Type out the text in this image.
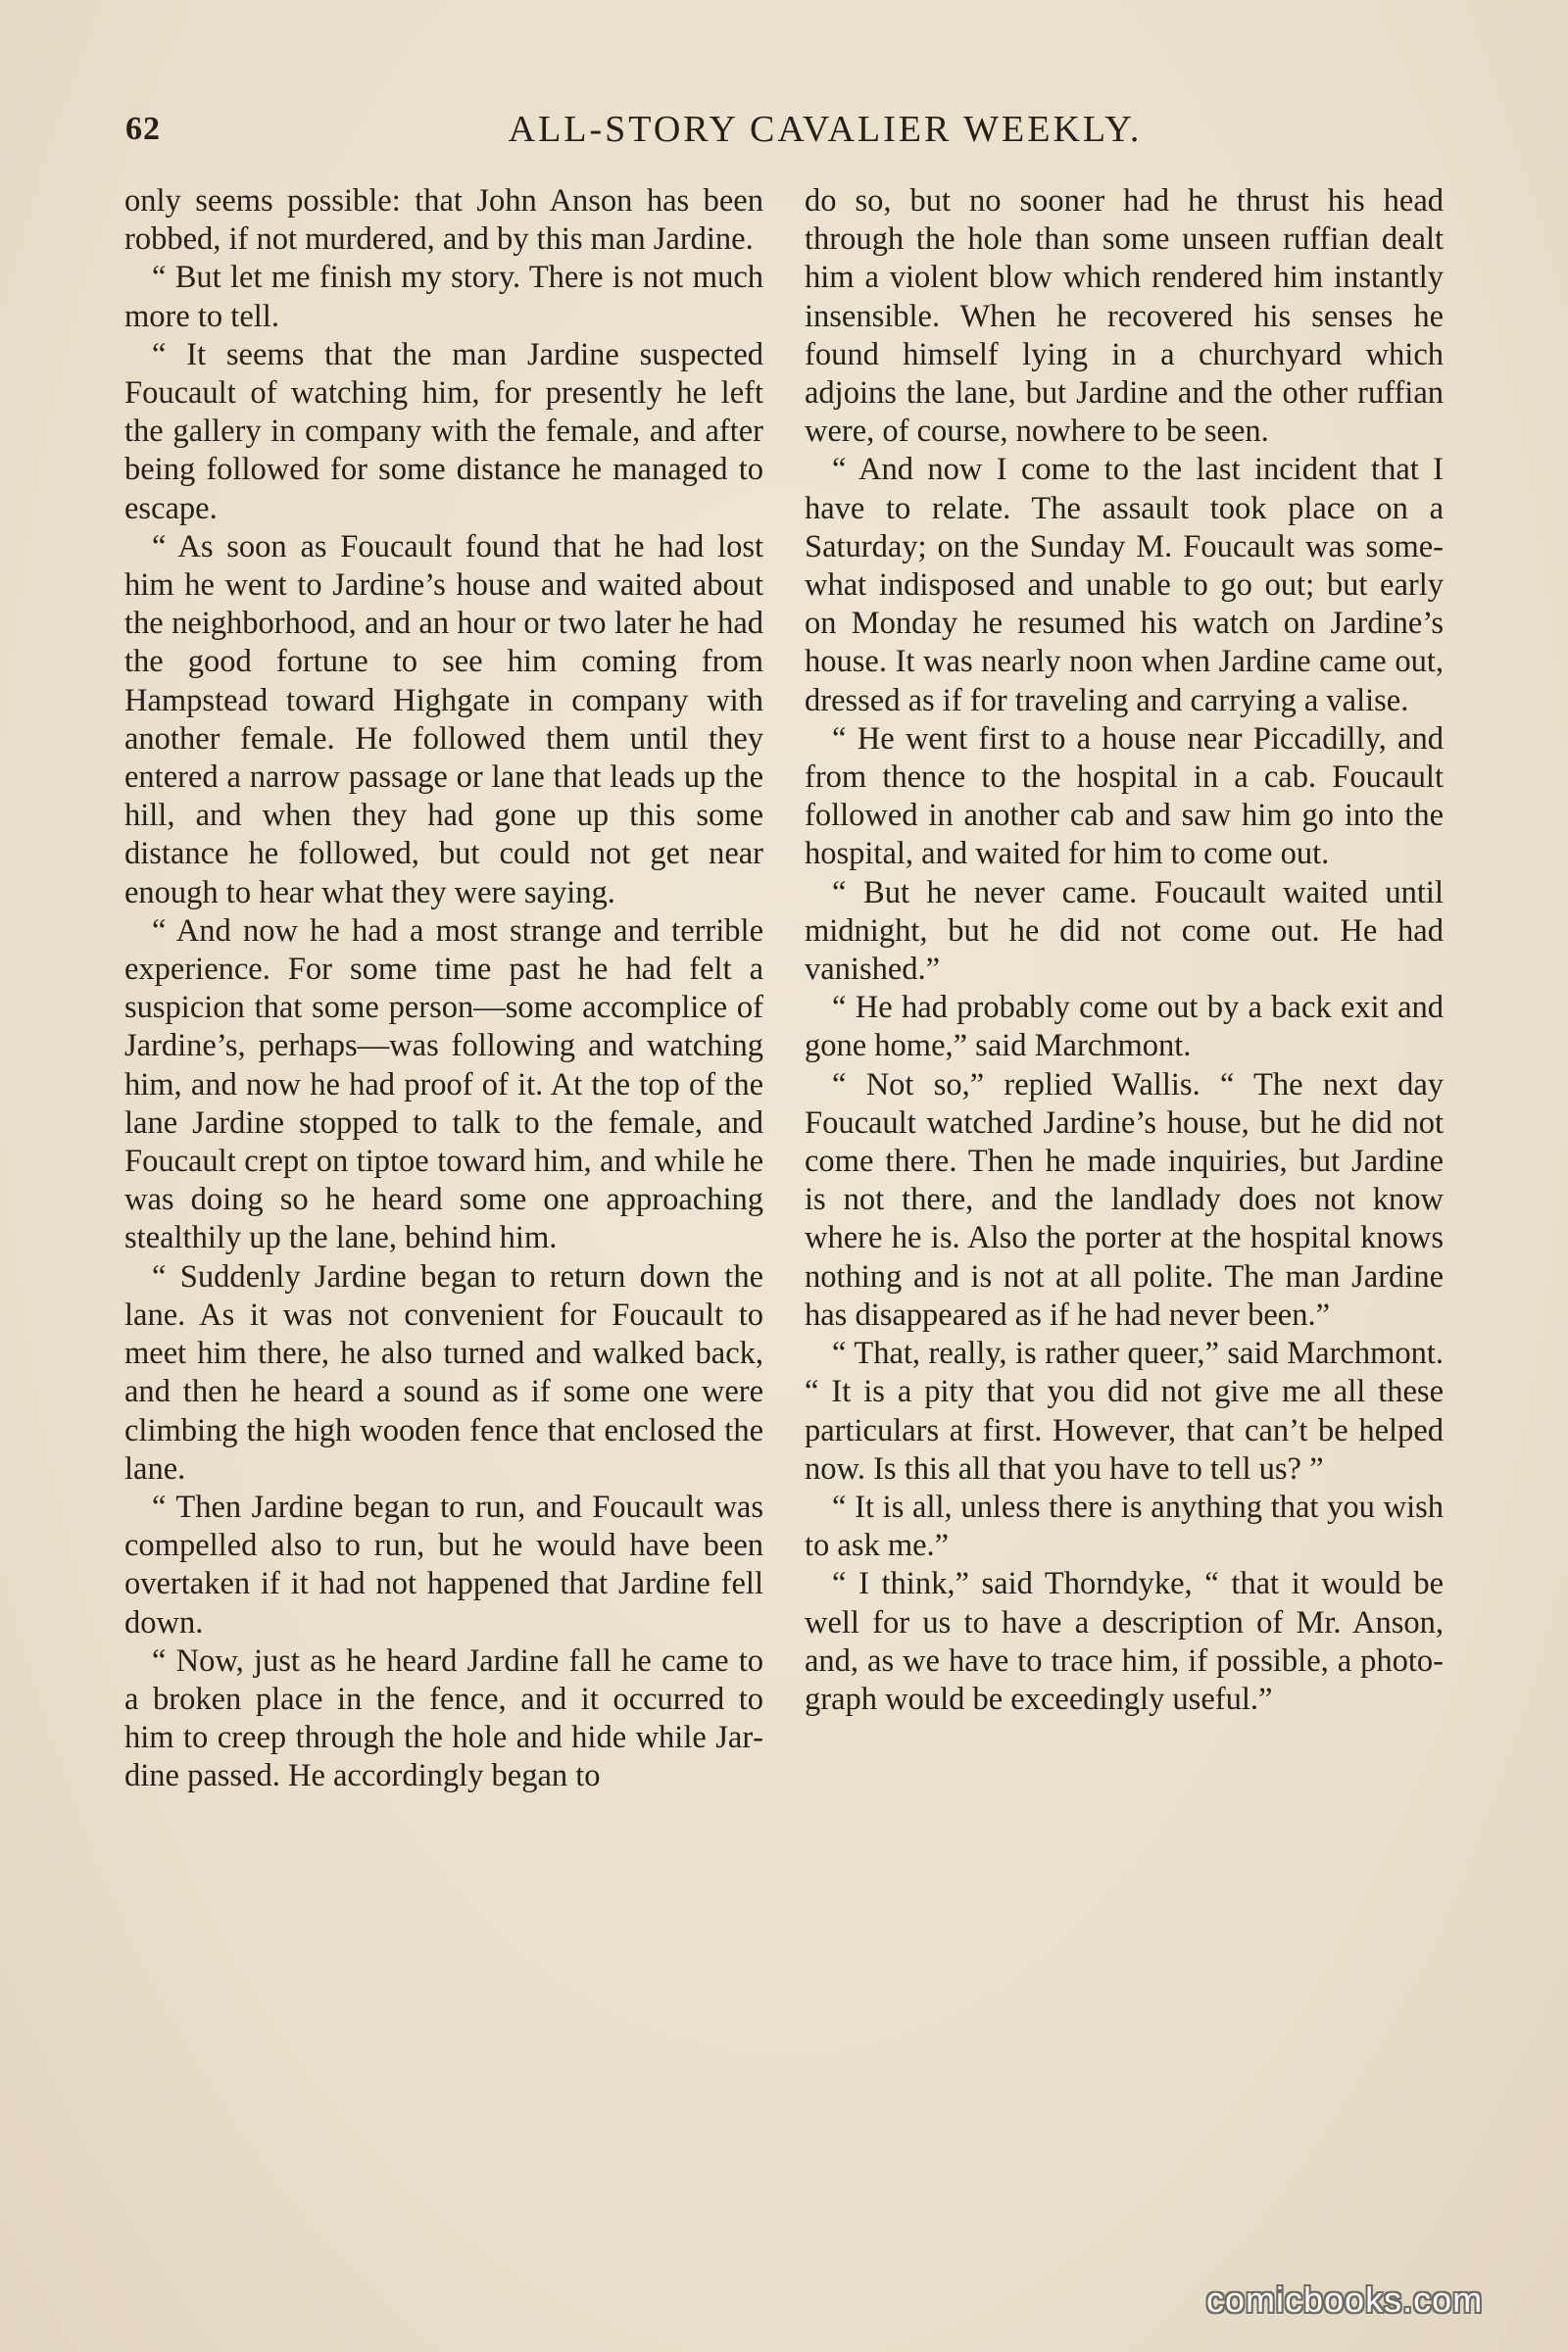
62	ALL-STORY CAVALIER WEEKLY.

only seems possible: that John Anson has been robbed, if not murdered, and by this man Jardine.

“ But let me finish my story. There is not much more to tell.

“ It seems that the man Jardine suspected Foucault of watching him, for presently he left the gallery in company with the female, and after being followed for some distance he managed to escape.

“ As soon as Foucault found that he had lost him he went to Jardine’s house and waited about the neighborhood, and an hour or two later he had the good fortune to see him coming from Hampstead toward Highgate in company with another female. He followed them until they entered a narrow passage or lane that leads up the hill, and when they had gone up this some distance he followed, but could not get near enough to hear what they were saying.

“ And now he had a most strange and terrible experience. For some time past he had felt a suspicion that some person—some accomplice of Jardine’s, perhaps—was following and watching him, and now he had proof of it. At the top of the lane Jardine stopped to talk to the female, and Foucault crept on tiptoe toward him, and while he was doing so he heard some one approaching stealthily up the lane, behind him.

“ Suddenly Jardine began to return down the lane. As it was not convenient for Foucault to meet him there, he also turned and walked back, and then he heard a sound as if some one were climbing the high wooden fence that enclosed the lane.

“ Then Jardine began to run, and Foucault was compelled also to run, but he would have been overtaken if it had not happened that Jardine fell down.

“ Now, just as he heard Jardine fall he came to a broken place in the fence, and it occurred to him to creep through the hole and hide while Jardine passed. He accordingly began to

do so, but no sooner had he thrust his head through the hole than some unseen ruffian dealt him a violent blow which rendered him instantly insensible. When he recovered his senses he found himself lying in a churchyard which adjoins the lane, but Jardine and the other ruffian were, of course, nowhere to be seen.

“ And now I come to the last incident that I have to relate. The assault took place on a Saturday; on the Sunday M. Foucault was somewhat indisposed and unable to go out; but early on Monday he resumed his watch on Jardine’s house. It was nearly noon when Jardine came out, dressed as if for traveling and carrying a valise.

“ He went first to a house near Piccadilly, and from thence to the hospital in a cab. Foucault followed in another cab and saw him go into the hospital, and waited for him to come out.

“ But he never came. Foucault waited until midnight, but he did not come out. He had vanished.”

“ He had probably come out by a back exit and gone home,” said Marchmont.

“ Not so,” replied Wallis. “ The next day Foucault watched Jardine’s house, but he did not come there. Then he made inquiries, but Jardine is not there, and the landlady does not know where he is. Also the porter at the hospital knows nothing and is not at all polite. The man Jardine has disappeared as if he had never been.”

“ That, really, is rather queer,” said Marchmont. “ It is a pity that you did not give me all these particulars at first. However, that can’t be helped now. Is this all that you have to tell us? ”

“ It is all, unless there is anything that you wish to ask me.”

“ I think,” said Thorndyke, “ that it would be well for us to have a description of Mr. Anson, and, as we have to trace him, if possible, a photograph would be exceedingly useful.”

comicbooks.com
